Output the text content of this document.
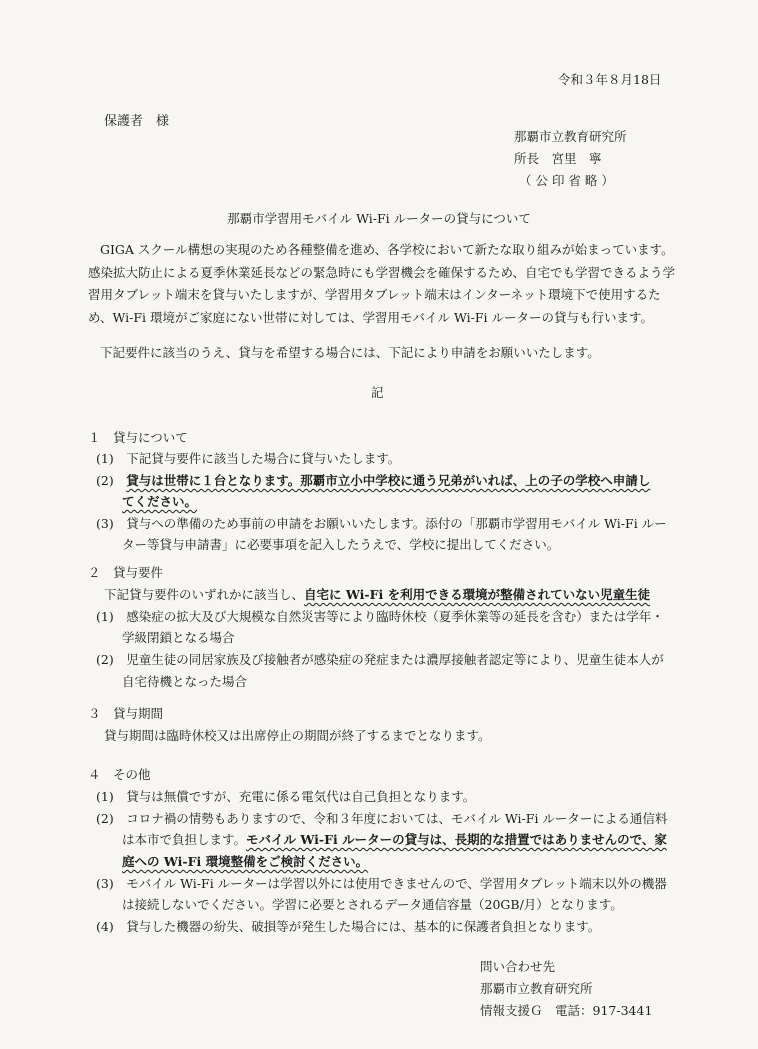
令和３年８月18日
保護者　様
那覇市立教育研究所
所長　宮里　寧
（ 公 印 省 略 ）
那覇市学習用モバイル Wi-Fi ルーターの貸与について

GIGA スクール構想の実現のため各種整備を進め、各学校において新たな取り組みが始まっています。感染拡大防止による夏季休業延長などの緊急時にも学習機会を確保するため、自宅でも学習できるよう学習用タブレット端末を貸与いたしますが、学習用タブレット端末はインターネット環境下で使用するため、Wi-Fi 環境がご家庭にない世帯に対しては、学習用モバイル Wi-Fi ルーターの貸与も行います。

下記要件に該当のうえ、貸与を希望する場合には、下記により申請をお願いいたします。

記
１　貸与について
(1)　下記貸与要件に該当した場合に貸与いたします。
(2)　貸与は世帯に１台となります。那覇市立小中学校に通う兄弟がいれば、上の子の学校へ申請し
てください。
(3)　貸与への準備のため事前の申請をお願いいたします。添付の「那覇市学習用モバイル Wi-Fi ルー
ター等貸与申請書」に必要事項を記入したうえで、学校に提出してください。
２　貸与要件
下記貸与要件のいずれかに該当し、自宅に Wi-Fi を利用できる環境が整備されていない児童生徒
(1)　感染症の拡大及び大規模な自然災害等により臨時休校（夏季休業等の延長を含む）または学年・
学級閉鎖となる場合
(2)　児童生徒の同居家族及び接触者が感染症の発症または濃厚接触者認定等により、児童生徒本人が
自宅待機となった場合
３　貸与期間
貸与期間は臨時休校又は出席停止の期間が終了するまでとなります。
４　その他
(1)　貸与は無償ですが、充電に係る電気代は自己負担となります。
(2)　コロナ禍の情勢もありますので、令和３年度においては、モバイル Wi-Fi ルーターによる通信料
は本市で負担します。モバイル Wi-Fi ルーターの貸与は、長期的な措置ではありませんので、家
庭への Wi-Fi 環境整備をご検討ください。
(3)　モバイル Wi-Fi ルーターは学習以外には使用できませんので、学習用タブレット端末以外の機器
は接続しないでください。学習に必要とされるデータ通信容量（20GB/月）となります。
(4)　貸与した機器の紛失、破損等が発生した場合には、基本的に保護者負担となります。
問い合わせ先
那覇市立教育研究所
情報支援Ｇ　電話：917-3441
